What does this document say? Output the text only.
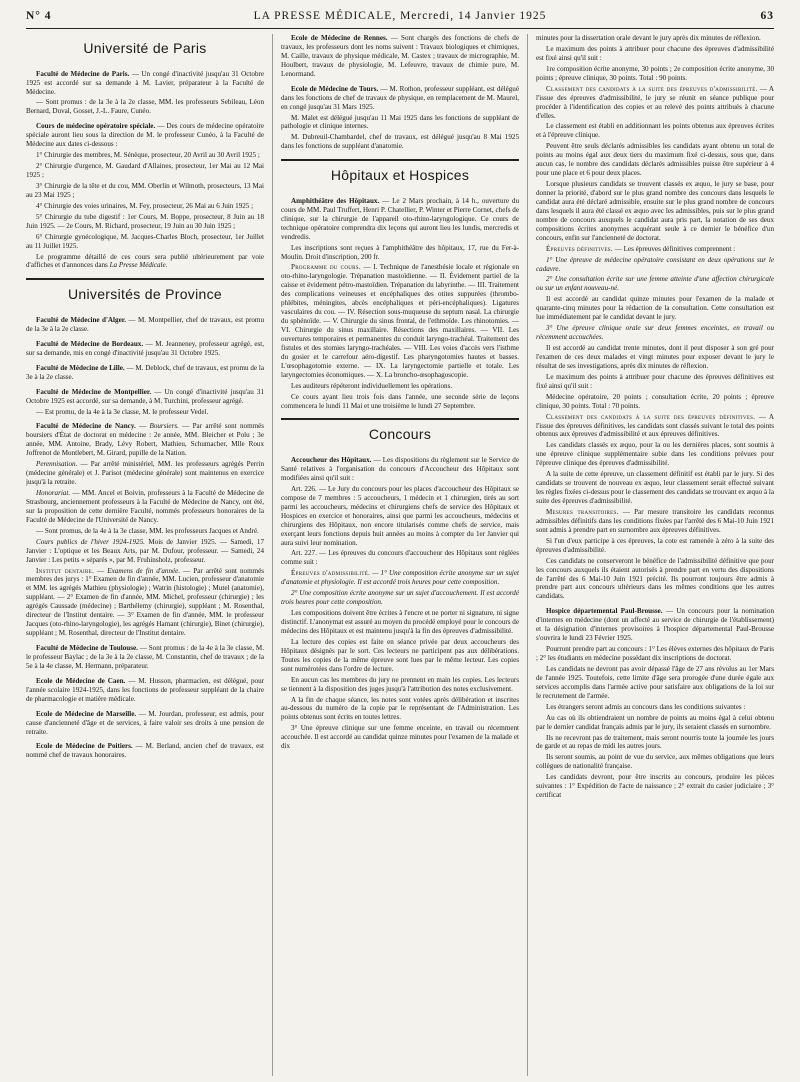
N° 4	LA PRESSE MÉDICALE, Mercredi, 14 Janvier 1925	63
Université de Paris

Faculté de Médecine de Paris. — Un congé d'inactivité jusqu'au 31 Octobre 1925 est accordé sur sa demande à M. Lavier, préparateur à la Faculté de Médecine.

— Sont promus : de la 3e à la 2e classe, MM. les professeurs Sebileau, Léon Bernard, Duval, Gosset, J.-L. Faure, Cunéo.

Cours de médecine opératoire spéciale. — Des cours de médecine opératoire spéciale auront lieu sous la direction de M. le professeur Cunéo, à la Faculté de Médecine aux dates ci-dessous :

1° Chirurgie des membres, M. Sénèque, prosecteur, 20 Avril au 30 Avril 1925 ;

2° Chirurgie d'urgence, M. Gaudard d'Allaines, prosecteur, 1er Mai au 12 Mai 1925 ;

3° Chirurgie de la tête et du cou, MM. Oberlin et Wilmoth, prosecteurs, 13 Mai au 23 Mai 1925 ;

4° Chirurgie des voies urinaires, M. Fey, prosecteur, 26 Mai au 6 Juin 1925 ;

5° Chirurgie du tube digestif : 1er Cours, M. Boppe, prosecteur, 8 Juin au 18 Juin 1925. — 2e Cours, M. Richard, prosecteur, 19 Juin au 30 Juin 1925 ;

6° Chirurgie gynécologique, M. Jacques-Charles Bloch, prosecteur, 1er Juillet au 11 Juillet 1925.

Le programme détaillé de ces cours sera publié ultérieurement par voie d'affiches et d'annonces dans La Presse Médicale.

Universités de Province

Faculté de Médecine d'Alger. — M. Montpellier, chef de travaux, est promu de la 3e à la 2e classe.

Faculté de Médecine de Bordeaux. — M. Jeanneney, professeur agrégé, est, sur sa demande, mis en congé d'inactivité jusqu'au 31 Octobre 1925.

Faculté de Médecine de Lille. — M. Deblock, chef de travaux, est promu de la 3e à la 2e classe.

Faculté de Médecine de Montpellier. — Un congé d'inactivité jusqu'au 31 Octobre 1925 est accordé, sur sa demande, à M. Turchini, professeur agrégé.

— Est promu, de la 4e à la 3e classe, M. le professeur Vedel.

Faculté de Médecine de Nancy. — Boursiers. — Par arrêté sont nommés boursiers d'État de doctorat en médecine : 2e année, MM. Bleicher et Polu ; 3e année, MM. Antoine, Brady, Lévy Robert, Mathieu, Schumacher, Mlle Roux Joffrenot de Montlebert, M. Girard, pupille de la Nation.

Perennisation. — Par arrêté ministériel, MM. les professeurs agrégés Perrin (médecine générale) et J. Parisot (médecine générale) sont maintenus en exercice jusqu'à la retraite.

Honorariat. — MM. Ancel et Boivin, professeurs à la Faculté de Médecine de Strasbourg, anciennement professeurs à la Faculté de Médecine de Nancy, ont été, sur la proposition de cette dernière Faculté, nommés professeurs honoraires de la Faculté de Médecine de l'Université de Nancy.

— Sont promus, de la 4e à la 3e classe, MM. les professeurs Jacques et André.

Cours publics de l'hiver 1924-1925. Mois de Janvier 1925. — Samedi, 17 Janvier : L'optique et les Beaux Arts, par M. Dufour, professeur. — Samedi, 24 Janvier : Les petits « séparés », par M. Fruhinsholz, professeur.

Institut dentaire. — Examens de fin d'année. — Par arrêté sont nommés membres des jurys : 1° Examen de fin d'année, MM. Lucien, professeur d'anatomie et MM. les agrégés Mathieu (physiologie) ; Watrin (histologie) ; Mutel (anatomie), suppléant. — 2° Examen de fin d'année, MM. Michel, professeur (chirurgie) ; les agrégés Caussade (médecine) ; Barthélemy (chirurgie), suppléant ; M. Rosenthal, directeur de l'Institut dentaire. — 3° Examen de fin d'année, MM. le professeur Jacques (oto-rhino-laryngologie), les agrégés Hamant (chirurgie), Binet (chirurgie), suppléant ; M. Rosenthal, directeur de l'Institut dentaire.

Faculté de Médecine de Toulouse. — Sont promus : de la 4e à la 3e classe, M. le professeur Baylac ; de la 3e à la 2e classe, M. Constantin, chef de travaux ; de la 5e à la 4e classe, M. Hermann, préparateur.

Ecole de Médecine de Caen. — M. Husson, pharmacien, est délégué, pour l'année scolaire 1924-1925, dans les fonctions de professeur suppléant de la chaire de pharmacologie et matière médicale.

Ecole de Médecine de Marseille. — M. Jourdan, professeur, est admis, pour cause d'ancienneté d'âge et de services, à faire valoir ses droits à une pension de retraite.

Ecole de Médecine de Poitiers. — M. Berland, ancien chef de travaux, est nommé chef de travaux honoraires.

Ecole de Médecine de Rennes. — Sont chargés des fonctions de chefs de travaux, les professeurs dont les noms suivent : Travaux biologiques et chimiques, M. Caille, travaux de physique médicale, M. Castex ; travaux de micrographie, M. Houlbert, travaux de physiologie, M. Lefeuvre, travaux de chimie pure, M. Lenormand.

Ecole de Médecine de Tours. — M. Rothon, professeur suppléant, est délégué dans les fonctions de chef de travaux de physique, en remplacement de M. Maurel, en congé jusqu'au 31 Mars 1925.

M. Malet est délégué jusqu'au 11 Mai 1925 dans les fonctions de suppléant de pathologie et clinique internes.

M. Dubreuil-Chambardel, chef de travaux, est délégué jusqu'au 8 Mai 1925 dans les fonctions de suppléant d'anatomie.

Hôpitaux et Hospices

Amphithéâtre des Hôpitaux. — Le 2 Mars prochain, à 14 h., ouverture du cours de MM. Paul Truffert, Henri P. Chatellier, P. Winter et Pierre Cornet, chefs de clinique, sur la chirurgie de l'appareil oto-rhino-laryngologique. Ce cours de technique opératoire comprendra dix leçons qui auront lieu les lundis, mercredis et vendredis.

Les inscriptions sont reçues à l'amphithéâtre des hôpitaux, 17, rue du Fer-à-Moulin. Droit d'inscription, 200 fr.

Programme du cours. — I. Technique de l'anesthésie locale et régionale en oto-rhino-laryngologie. Trépanation mastoïdienne. — II. Évidement partiel de la caisse et évidement pétro-mastoïdien. Trépanation du labyrinthe. — III. Traitement des complications veineuses et encéphaliques des otites suppurées (thrombo-phlébites, méningites, abcès encéphaliques et péri-encéphaliques). Ligatures vasculaires du cou. — IV. Résection sous-muqueuse du septum nasal. La chirurgie du sphénoïde. — V. Chirurgie du sinus frontal, de l'ethmoïde. Les rhinotomies. — VI. Chirurgie du sinus maxillaire. Résections des maxillaires. — VII. Les ouvertures temporaires et permanentes du conduit laryngo-trachéal. Traitement des fistules et des stomies laryngo-trachéales. — VIII. Les voies d'accès vers l'isthme du gosier et le carrefour aéro-digestif. Les pharyngotomies hautes et basses. L'œsophagotomie externe. — IX. La laryngectomie partielle et totale. Les laryngectomies économiques. — X. La broncho-œsophagoscopie.

Les auditeurs répéteront individuellement les opérations.

Ce cours ayant lieu trois fois dans l'année, une seconde série de leçons commencera le lundi 11 Mai et une troisième le lundi 27 Septembre.

Concours

Accoucheur des Hôpitaux. — Les dispositions du règlement sur le Service de Santé relatives à l'organisation du concours d'Accoucheur des Hôpitaux sont modifiées ainsi qu'il suit :

Art. 226. — Le Jury du concours pour les places d'accoucheur des Hôpitaux se compose de 7 membres : 5 accoucheurs, 1 médecin et 1 chirurgien, tirés au sort parmi les accoucheurs, médecins et chirurgiens chefs de service des Hôpitaux et Hospices en exercice et honoraires, ainsi que parmi les accoucheurs, médecins et chirurgiens des Hôpitaux, non encore titularisés comme chefs de service, mais exerçant leurs fonctions depuis huit années au moins à compter du 1er Janvier qui aura suivi leur nomination.

Art. 227. — Les épreuves du concours d'accoucheur des Hôpitaux sont réglées comme suit :

Épreuves d'admissibilité. — 1° Une composition écrite anonyme sur un sujet d'anatomie et physiologie. Il est accordé trois heures pour cette composition.

2° Une composition écrite anonyme sur un sujet d'accouchement. Il est accordé trois heures pour cette composition.

Les compositions doivent être écrites à l'encre et ne porter ni signature, ni signe distinctif. L'anonymat est assuré au moyen du procédé employé pour le concours de médecins des Hôpitaux et est maintenu jusqu'à la fin des épreuves d'admissibilité.

La lecture des copies est faite en séance privée par deux accoucheurs des Hôpitaux désignés par le sort. Ces lecteurs ne participent pas aux délibérations. Toutes les copies de la même épreuve sont lues par le même lecteur. Les copies sont numérotées dans l'ordre de lecture.

En aucun cas les membres du jury ne prennent en main les copies. Les lecteurs se tiennent à la disposition des juges jusqu'à l'attribution des notes exclusivement.

A la fin de chaque séance, les notes sont votées après délibération et inscrites au-dessous du numéro de la copie par le représentant de l'Administration. Les points obtenus sont écrits en toutes lettres.

3° Une épreuve clinique sur une femme enceinte, en travail ou récemment accouchée. Il est accordé au candidat quinze minutes pour l'examen de la malade et dix

minutes pour la dissertation orale devant le jury après dix minutes de réflexion.

Le maximum des points à attribuer pour chacune des épreuves d'admissibilité est fixé ainsi qu'il suit :

1re composition écrite anonyme, 30 points ; 2e composition écrite anonyme, 30 points ; épreuve clinique, 30 points. Total : 90 points.

Classement des candidats à la suite des épreuves d'admissibilité. — A l'issue des épreuves d'admissibilité, le jury se réunit en séance publique pour procéder à l'identification des copies et au relevé des points attribués à chacune d'elles.

Le classement est établi en additionnant les points obtenus aux épreuves écrites et à l'épreuve clinique.

Peuvent être seuls déclarés admissibles les candidats ayant obtenu un total de points au moins égal aux deux tiers du maximum fixé ci-dessus, sous que, dans aucun cas, le nombre des candidats déclarés admissibles puisse être supérieur à 4 pour une place et 6 pour deux places.

Lorsque plusieurs candidats se trouvent classés ex æquo, le jury se base, pour donner la priorité, d'abord sur le plus grand nombre des concours dans lesquels le candidat aura été déclaré admissible, ensuite sur le plus grand nombre de concours dans lesquels il aura été classé ex æquo avec les admissibles, puis sur le plus grand nombre de concours auxquels le candidat aura pris part, la notation de ses deux compositions écrites anonymes acquérant seule à ce dernier le bénéfice d'un concours, enfin sur l'ancienneté de doctorat.

Épreuves définitives. — Les épreuves définitives comprennent :

1° Une épreuve de médecine opératoire consistant en deux opérations sur le cadavre.

2° Une consultation écrite sur une femme atteinte d'une affection chirurgicale ou sur un enfant nouveau-né.

Il est accordé au candidat quinze minutes pour l'examen de la malade et quarante-cinq minutes pour la rédaction de la consultation. Cette consultation est lue immédiatement par le candidat devant le jury.

3° Une épreuve clinique orale sur deux femmes enceintes, en travail ou récemment accouchées.

Il est accordé au candidat trente minutes, dont il peut disposer à son gré pour l'examen de ces deux malades et vingt minutes pour exposer devant le jury le résultat de ses investigations, après dix minutes de réflexion.

Le maximum des points à attribuer pour chacune des épreuves définitives est fixé ainsi qu'il suit :

Médecine opératoire, 20 points ; consultation écrite, 20 points ; épreuve clinique, 30 points. Total : 70 points.

Classement des candidats à la suite des épreuves définitives. — A l'issue des épreuves définitives, les candidats sont classés suivant le total des points obtenus aux épreuves d'admissibilité et aux épreuves définitives.

Les candidats classés ex æquo, pour la ou les dernières places, sont soumis à une épreuve clinique supplémentaire subie dans les conditions prévues pour l'épreuve clinique des épreuves d'admissibilité.

A la suite de cette épreuve, un classement définitif est établi par le jury. Si des candidats se trouvent de nouveau ex æquo, leur classement serait effectué suivant les règles fixées ci-dessus pour le classement des candidats se trouvant ex æquo à la suite des épreuves d'admissibilité.

Mesures transitoires. — Par mesure transitoire les candidats reconnus admissibles définitifs dans les conditions fixées par l'arrêté des 6 Mai-10 Juin 1921 sont admis à prendre part en surnombre aux épreuves définitives.

Si l'un d'eux participe à ces épreuves, la cote est ramenée à zéro à la suite des épreuves d'admissibilité.

Ces candidats ne conserveront le bénéfice de l'admissibilité définitive que pour les concours auxquels ils étaient autorisés à prendre part en vertu des dispositions de l'arrêté des 6 Mai-10 Juin 1921 précité. Ils pourront toujours être admis à prendre part aux concours ultérieurs dans les mêmes conditions que les autres candidats.

Hospice départemental Paul-Brousse. — Un concours pour la nomination d'internes en médecine (dont un affecté au service de chirurgie de l'établissement) et la désignation d'internes provisoires à l'hospice départemental Paul-Brousse s'ouvrira le lundi 23 Février 1925.

Pourront prendre part au concours : 1° Les élèves externes des hôpitaux de Paris ; 2° les étudiants en médecine possédant dix inscriptions de doctorat.

Les candidats ne devront pas avoir dépassé l'âge de 27 ans révolus au 1er Mars de l'année 1925. Toutefois, cette limite d'âge sera prorogée d'une durée égale aux services accomplis dans l'armée active pour satisfaire aux obligations de la loi sur le recrutement de l'armée.

Les étrangers seront admis au concours dans les conditions suivantes :

Au cas où ils obtiendraient un nombre de points au moins égal à celui obtenu par le dernier candidat français admis par le jury, ils seraient classés en surnombre.

Ils ne recevront pas de traitement, mais seront nourris toute la journée les jours de garde et au repas de midi les autres jours.

Ils seront soumis, au point de vue du service, aux mêmes obligations que leurs collègues de nationalité française.

Les candidats devront, pour être inscrits au concours, produire les pièces suivantes : 1° Expédition de l'acte de naissance ; 2° extrait du casier judiciaire ; 3° certificat
